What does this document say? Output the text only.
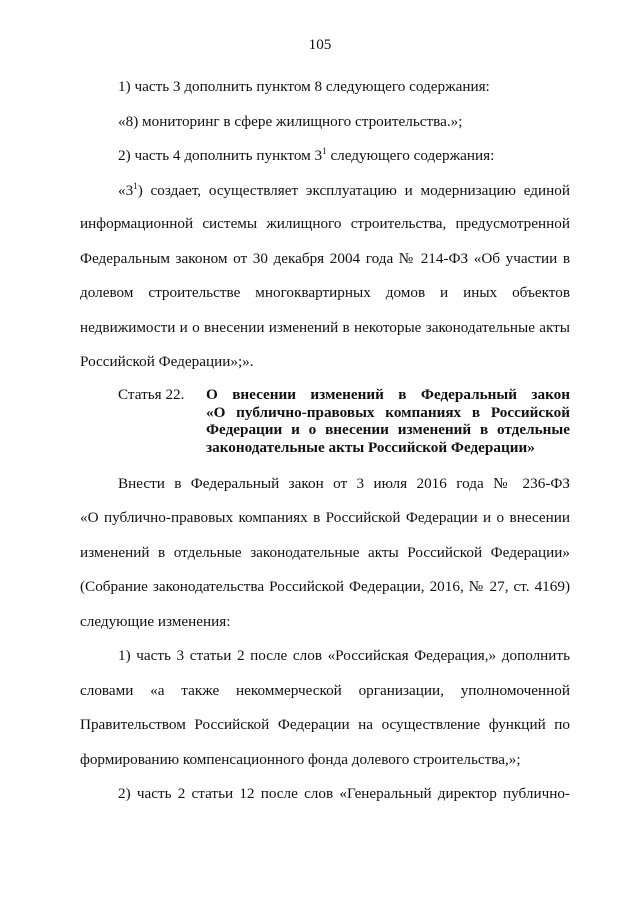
105
1) часть 3 дополнить пунктом 8 следующего содержания:
«8) мониторинг в сфере жилищного строительства.»;
2) часть 4 дополнить пунктом $3^1$ следующего содержания:
«$3^1$) создает, осуществляет эксплуатацию и модернизацию единой
информационной системы жилищного строительства, предусмотренной
Федеральным законом от 30 декабря 2004 года № 214-ФЗ «Об участии в
долевом строительстве многоквартирных домов и иных объектов
недвижимости и о внесении изменений в некоторые законодательные акты
Российской Федерации»;».
Статья 22. О внесении изменений в Федеральный закон
«О публично-правовых компаниях в Российской
Федерации и о внесении изменений в отдельные
законодательные акты Российской Федерации»
Внести в Федеральный закон от 3 июля 2016 года № 236-ФЗ
«О публично-правовых компаниях в Российской Федерации и о внесении
изменений в отдельные законодательные акты Российской Федерации»
(Собрание законодательства Российской Федерации, 2016, № 27, ст. 4169)
следующие изменения:
1) часть 3 статьи 2 после слов «Российская Федерация,» дополнить
словами «а также некоммерческой организации, уполномоченной
Правительством Российской Федерации на осуществление функций по
формированию компенсационного фонда долевого строительства,»;
2) часть 2 статьи 12 после слов «Генеральный директор публично-
